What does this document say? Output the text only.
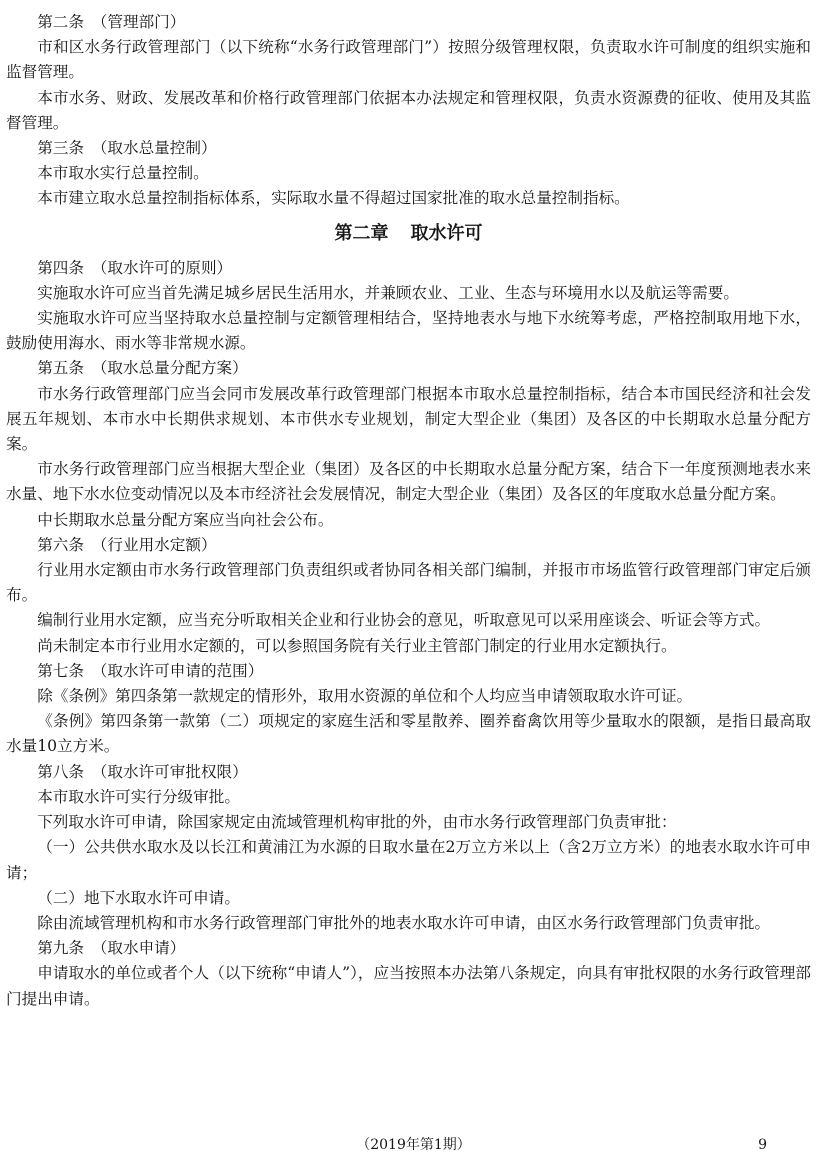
第二条　 （管理部门）

市和区水务行政管理部门（以下统称“水务行政管理部门”）按照分级管理权限，负责取水许可制度的组织实施和监督管理。

本市水务、财政、发展改革和价格行政管理部门依据本办法规定和管理权限，负责水资源费的征收、使用及其监督管理。

第三条　 （取水总量控制）

本市取水实行总量控制。

本市建立取水总量控制指标体系，实际取水量不得超过国家批准的取水总量控制指标。

第二章 取水许可

第四条　 （取水许可的原则）

实施取水许可应当首先满足城乡居民生活用水，并兼顾农业、工业、生态与环境用水以及航运等需要。

实施取水许可应当坚持取水总量控制与定额管理相结合，坚持地表水与地下水统筹考虑，严格控制取用地下水，鼓励使用海水、雨水等非常规水源。

第五条　 （取水总量分配方案）

市水务行政管理部门应当会同市发展改革行政管理部门根据本市取水总量控制指标，结合本市国民经济和社会发展五年规划、本市水中长期供求规划、本市供水专业规划，制定大型企业（集团）及各区的中长期取水总量分配方案。

市水务行政管理部门应当根据大型企业（集团）及各区的中长期取水总量分配方案，结合下一年度预测地表水来水量、地下水水位变动情况以及本市经济社会发展情况，制定大型企业（集团）及各区的年度取水总量分配方案。

中长期取水总量分配方案应当向社会公布。

第六条　 （行业用水定额）

行业用水定额由市水务行政管理部门负责组织或者协同各相关部门编制，并报市市场监管行政管理部门审定后颁布。

编制行业用水定额，应当充分听取相关企业和行业协会的意见，听取意见可以采用座谈会、听证会等方式。

尚未制定本市行业用水定额的，可以参照国务院有关行业主管部门制定的行业用水定额执行。

第七条　 （取水许可申请的范围）

除《条例》第四条第一款规定的情形外，取用水资源的单位和个人均应当申请领取取水许可证。

《条例》第四条第一款第（二）项规定的家庭生活和零星散养、圈养畜禽饮用等少量取水的限额，是指日最高取水量10立方米。

第八条　 （取水许可审批权限）

本市取水许可实行分级审批。

下列取水许可申请，除国家规定由流域管理机构审批的外，由市水务行政管理部门负责审批：

（一）公共供水取水及以长江和黄浦江为水源的日取水量在2万立方米以上（含2万立方米）的地表水取水许可申请；

（二）地下水取水许可申请。

除由流域管理机构和市水务行政管理部门审批外的地表水取水许可申请，由区水务行政管理部门负责审批。

第九条　 （取水申请）

申请取水的单位或者个人（以下统称“申请人”），应当按照本办法第八条规定，向具有审批权限的水务行政管理部门提出申请。

（2019年第1期）	9
